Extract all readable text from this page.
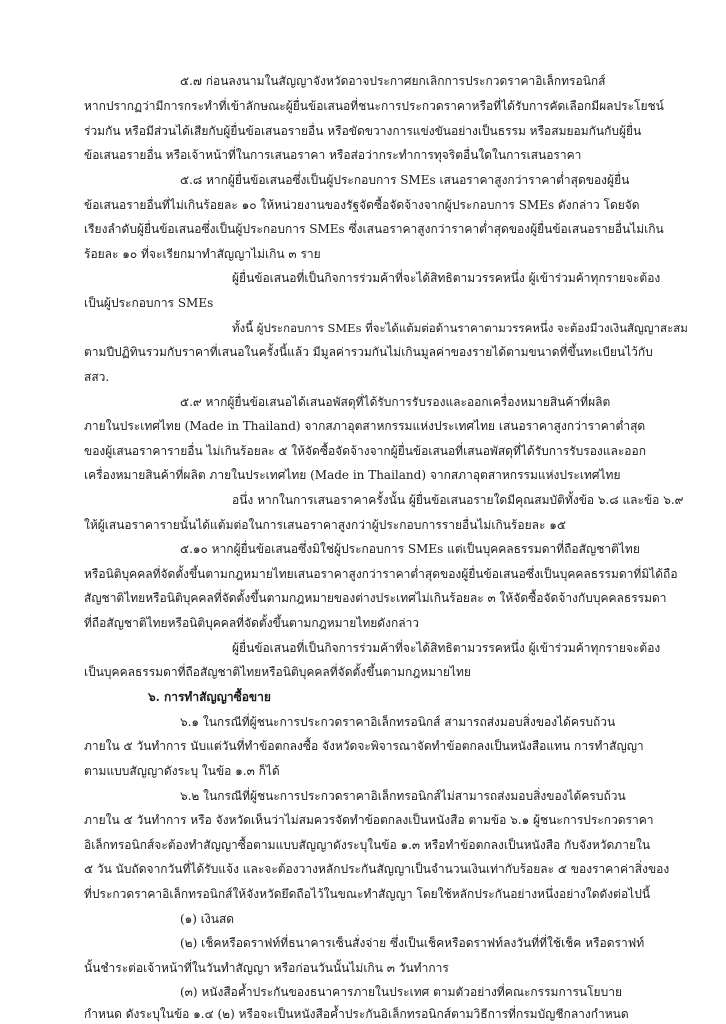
๕.๗ ก่อนลงนามในสัญญาจังหวัดอาจประกาศยกเลิกการประกวดราคาอิเล็กทรอนิกส์
หากปรากฏว่ามีการกระทำที่เข้าลักษณะผู้ยื่นข้อเสนอที่ชนะการประกวดราคาหรือที่ได้รับการคัดเลือกมีผลประโยชน์
ร่วมกัน หรือมีส่วนได้เสียกับผู้ยื่นข้อเสนอรายอื่น หรือขัดขวางการแข่งขันอย่างเป็นธรรม หรือสมยอมกันกับผู้ยื่น
ข้อเสนอรายอื่น หรือเจ้าหน้าที่ในการเสนอราคา หรือส่อว่ากระทำการทุจริตอื่นใดในการเสนอราคา
๕.๘ หากผู้ยื่นข้อเสนอซึ่งเป็นผู้ประกอบการ SMEs เสนอราคาสูงกว่าราคาต่ำสุดของผู้ยื่น
ข้อเสนอรายอื่นที่ไม่เกินร้อยละ ๑๐ ให้หน่วยงานของรัฐจัดซื้อจัดจ้างจากผู้ประกอบการ SMEs ดังกล่าว โดยจัด
เรียงลำดับผู้ยื่นข้อเสนอซึ่งเป็นผู้ประกอบการ SMEs ซึ่งเสนอราคาสูงกว่าราคาต่ำสุดของผู้ยื่นข้อเสนอรายอื่นไม่เกิน
ร้อยละ ๑๐ ที่จะเรียกมาทำสัญญาไม่เกิน ๓ ราย
ผู้ยื่นข้อเสนอที่เป็นกิจการร่วมค้าที่จะได้สิทธิตามวรรคหนึ่ง ผู้เข้าร่วมค้าทุกรายจะต้อง
เป็นผู้ประกอบการ SMEs
ทั้งนี้ ผู้ประกอบการ SMEs ที่จะได้แต้มต่อด้านราคาตามวรรคหนึ่ง จะต้องมีวงเงินสัญญาสะสม
ตามปีปฏิทินรวมกับราคาที่เสนอในครั้งนี้แล้ว มีมูลค่ารวมกันไม่เกินมูลค่าของรายได้ตามขนาดที่ขึ้นทะเบียนไว้กับ
สสว.
๕.๙ หากผู้ยื่นข้อเสนอได้เสนอพัสดุที่ได้รับการรับรองและออกเครื่องหมายสินค้าที่ผลิต
ภายในประเทศไทย (Made in Thailand) จากสภาอุตสาหกรรมแห่งประเทศไทย เสนอราคาสูงกว่าราคาต่ำสุด
ของผู้เสนอราคารายอื่น ไม่เกินร้อยละ ๕ ให้จัดซื้อจัดจ้างจากผู้ยื่นข้อเสนอที่เสนอพัสดุที่ได้รับการรับรองและออก
เครื่องหมายสินค้าที่ผลิต ภายในประเทศไทย (Made in Thailand) จากสภาอุตสาหกรรมแห่งประเทศไทย
อนึ่ง หากในการเสนอราคาครั้งนั้น ผู้ยื่นข้อเสนอรายใดมีคุณสมบัติทั้งข้อ ๖.๘ และข้อ ๖.๙
ให้ผู้เสนอราคารายนั้นได้แต้มต่อในการเสนอราคาสูงกว่าผู้ประกอบการรายอื่นไม่เกินร้อยละ ๑๕
๕.๑๐ หากผู้ยื่นข้อเสนอซึ่งมิใช่ผู้ประกอบการ SMEs แต่เป็นบุคคลธรรมดาที่ถือสัญชาติไทย
หรือนิติบุคคลที่จัดตั้งขึ้นตามกฎหมายไทยเสนอราคาสูงกว่าราคาต่ำสุดของผู้ยื่นข้อเสนอซึ่งเป็นบุคคลธรรมดาที่มิได้ถือ
สัญชาติไทยหรือนิติบุคคลที่จัดตั้งขึ้นตามกฎหมายของต่างประเทศไม่เกินร้อยละ ๓ ให้จัดซื้อจัดจ้างกับบุคคลธรรมดา
ที่ถือสัญชาติไทยหรือนิติบุคคลที่จัดตั้งขึ้นตามกฎหมายไทยดังกล่าว
ผู้ยื่นข้อเสนอที่เป็นกิจการร่วมค้าที่จะได้สิทธิตามวรรคหนึ่ง ผู้เข้าร่วมค้าทุกรายจะต้อง
เป็นบุคคลธรรมดาที่ถือสัญชาติไทยหรือนิติบุคคลที่จัดตั้งขึ้นตามกฎหมายไทย
๖. การทำสัญญาซื้อขาย
๖.๑ ในกรณีที่ผู้ชนะการประกวดราคาอิเล็กทรอนิกส์ สามารถส่งมอบสิ่งของได้ครบถ้วน
ภายใน ๕ วันทำการ นับแต่วันที่ทำข้อตกลงซื้อ จังหวัดจะพิจารณาจัดทำข้อตกลงเป็นหนังสือแทน การทำสัญญา
ตามแบบสัญญาดังระบุ ในข้อ ๑.๓ ก็ได้
๖.๒ ในกรณีที่ผู้ชนะการประกวดราคาอิเล็กทรอนิกส์ไม่สามารถส่งมอบสิ่งของได้ครบถ้วน
ภายใน ๕ วันทำการ หรือ จังหวัดเห็นว่าไม่สมควรจัดทำข้อตกลงเป็นหนังสือ ตามข้อ ๖.๑ ผู้ชนะการประกวดราคา
อิเล็กทรอนิกส์จะต้องทำสัญญาซื้อตามแบบสัญญาดังระบุในข้อ ๑.๓ หรือทำข้อตกลงเป็นหนังสือ กับจังหวัดภายใน
๕ วัน นับถัดจากวันที่ได้รับแจ้ง และจะต้องวางหลักประกันสัญญาเป็นจำนวนเงินเท่ากับร้อยละ ๕ ของราคาค่าสิ่งของ
ที่ประกวดราคาอิเล็กทรอนิกส์ให้จังหวัดยึดถือไว้ในขณะทำสัญญา โดยใช้หลักประกันอย่างหนึ่งอย่างใดดังต่อไปนี้
(๑) เงินสด
(๒) เช็คหรือดราฟท์ที่ธนาคารเซ็นสั่งจ่าย ซึ่งเป็นเช็คหรือดราฟท์ลงวันที่ที่ใช้เช็ค หรือดราฟท์
นั้นชำระต่อเจ้าหน้าที่ในวันทำสัญญา หรือก่อนวันนั้นไม่เกิน ๓ วันทำการ
(๓) หนังสือค้ำประกันของธนาคารภายในประเทศ ตามตัวอย่างที่คณะกรรมการนโยบาย
กำหนด ดังระบุในข้อ ๑.๔ (๒) หรือจะเป็นหนังสือค้ำประกันอิเล็กทรอนิกส์ตามวิธีการที่กรมบัญชีกลางกำหนด
